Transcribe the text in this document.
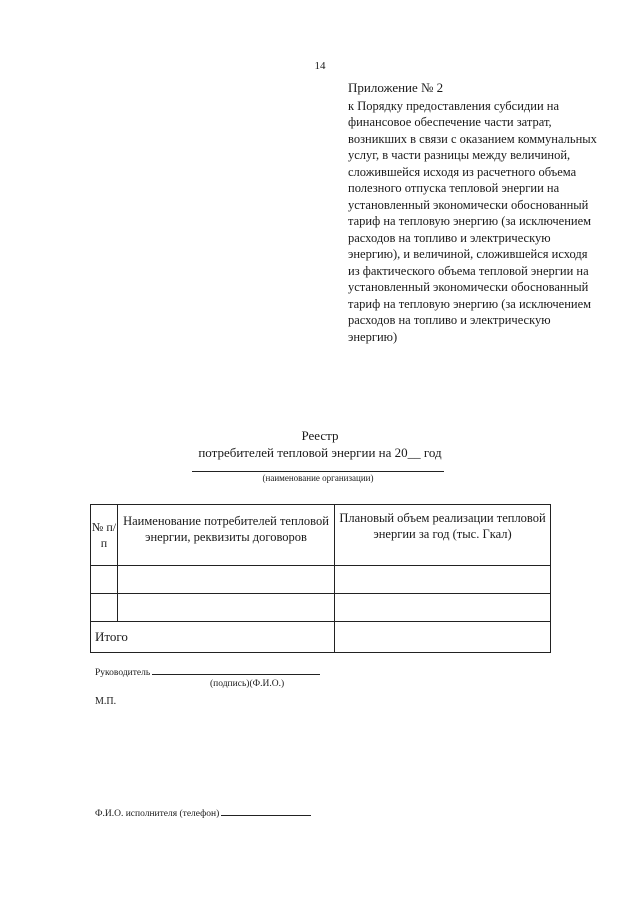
14
Приложение № 2
к Порядку предоставления субсидии на финансовое обеспечение части затрат, возникших в связи с оказанием коммунальных услуг, в части разницы между величиной, сложившейся исходя из расчетного объема полезного отпуска тепловой энергии на установленный экономически обоснованный тариф на тепловую энергию (за исключением расходов на топливо и электрическую энергию), и величиной, сложившейся исходя из фактического объема тепловой энергии на установленный экономически обоснованный тариф на тепловую энергию (за исключением расходов на топливо и электрическую энергию)
Реестр
потребителей тепловой энергии на 20__ год
(наименование организации)
№ п/п	Наименование потребителей тепловой энергии, реквизиты договоров	Плановый объем реализации тепловой энергии за год (тыс. Гкал)

Итого		
Руководитель
(подпись)(Ф.И.О.)
М.П.
Ф.И.О. исполнителя (телефон)
